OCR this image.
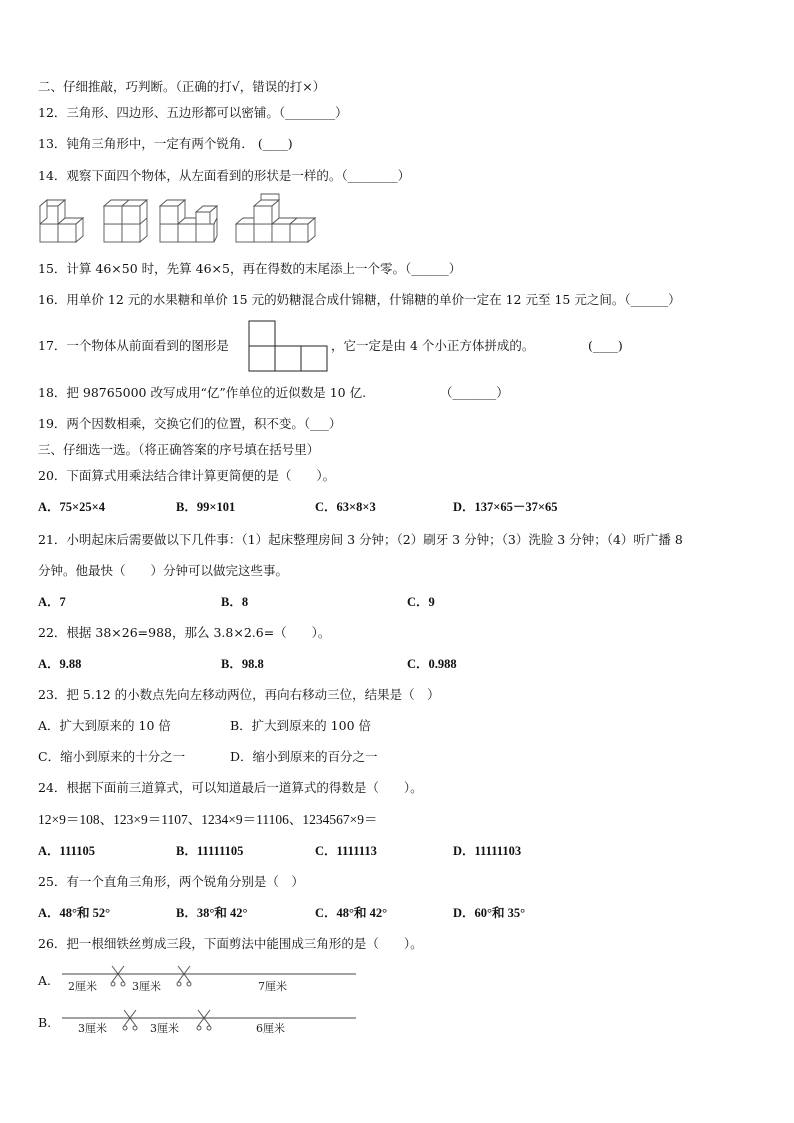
二、仔细推敲，巧判断。（正确的打√，错误的打×）
12．三角形、四边形、五边形都可以密铺。（________）
13．钝角三角形中，一定有两个锐角． (____)
14．观察下面四个物体，从左面看到的形状是一样的。（________）
15．计算 46×50 时，先算 46×5，再在得数的末尾添上一个零。（______）
16．用单价 12 元的水果糖和单价 15 元的奶糖混合成什锦糖，什锦糖的单价一定在 12 元至 15 元之间。（______）
17．一个物体从前面看到的图形是	，它一定是由 4 个小正方体拼成的。	(____)
18．把 98765000 改写成用“亿”作单位的近似数是 10 亿.	（_______）
19．两个因数相乘，交换它们的位置，积不变。（___）
三、仔细选一选。（将正确答案的序号填在括号里）
20．下面算式用乘法结合律计算更简便的是（　　）。
A．75×25×4	B．99×101	C．63×8×3	D．137×65－37×65
21．小明起床后需要做以下几件事：（1）起床整理房间 3 分钟；（2）刷牙 3 分钟；（3）洗脸 3 分钟；（4）听广播 8
分钟。他最快（　　）分钟可以做完这些事。
A．7	B．8	C．9
22．根据 38×26=988，那么 3.8×2.6=（　　）。
A．9.88	B．98.8	C．0.988
23．把 5.12 的小数点先向左移动两位，再向右移动三位，结果是（　）
A．扩大到原来的 10 倍	B．扩大到原来的 100 倍
C．缩小到原来的十分之一	D．缩小到原来的百分之一
24．根据下面前三道算式，可以知道最后一道算式的得数是（　　）。
12×9＝108、123×9＝1107、1234×9＝11106、1234567×9＝
A．111105	B．11111105	C．1111113	D．11111103
25．有一个直角三角形，两个锐角分别是（　）
A．48°和 52°	B．38°和 42°	C．48°和 42°	D．60°和 35°
26．把一根细铁丝剪成三段，下面剪法中能围成三角形的是（　　）。
A. 2厘米	3厘米	7厘米
B. 3厘米	3厘米	6厘米
